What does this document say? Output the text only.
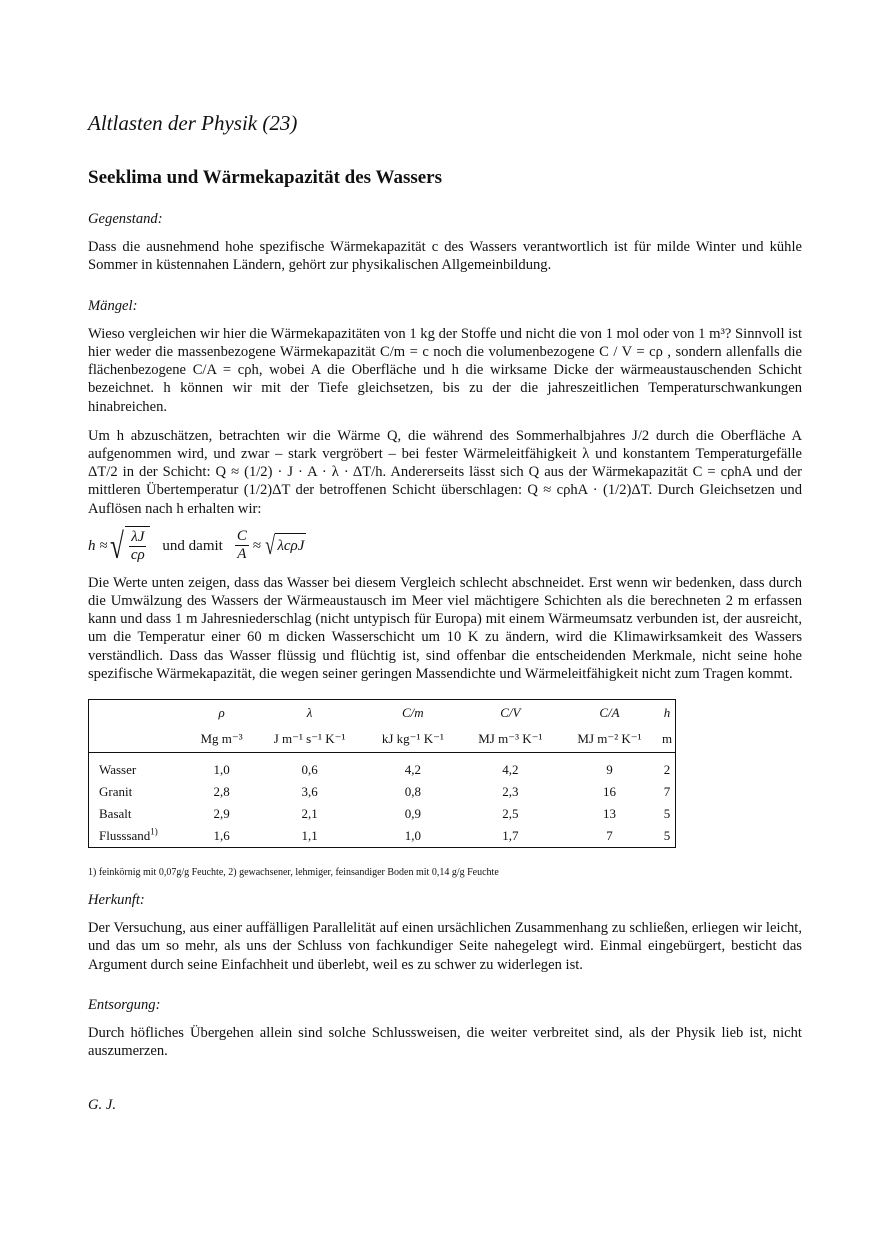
Altlasten der Physik (23)
Seeklima und Wärmekapazität des Wassers
Gegenstand:

Dass die ausnehmend hohe spezifische Wärmekapazität c des Wassers verantwortlich ist für milde Winter und kühle Sommer in küstennahen Ländern, gehört zur physikalischen Allgemeinbildung.

Mängel:

Wieso vergleichen wir hier die Wärmekapazitäten von 1 kg der Stoffe und nicht die von 1 mol oder von 1 m³? Sinnvoll ist hier weder die massenbezogene Wärmekapazität C/m = c noch die volumenbezogene C / V = cρ , sondern allenfalls die flächenbezogene C/A = cρh, wobei A die Oberfläche und h die wirksame Dicke der wärmeaustauschenden Schicht bezeichnet. h können wir mit der Tiefe gleichsetzen, bis zu der die jahreszeitlichen Temperaturschwankungen hinabreichen.

Um h abzuschätzen, betrachten wir die Wärme Q, die während des Sommerhalbjahres J/2 durch die Oberfläche A aufgenommen wird, und zwar – stark vergröbert – bei fester Wärmeleitfähigkeit λ und konstantem Temperaturgefälle ΔT/2 in der Schicht: Q ≈ (1/2) · J · A · λ · ΔT/h. Andererseits lässt sich Q aus der Wärmekapazität C = cρhA und der mittleren Übertemperatur (1/2)ΔT der betroffenen Schicht überschlagen: Q ≈ cρhA · (1/2)ΔT. Durch Gleichsetzen und Auflösen nach h erhalten wir:

h ≈ √ $\frac{\lambda J}{c\rho}$ und damit $\frac{C}{A}$ ≈ √ λcρJ

Die Werte unten zeigen, dass das Wasser bei diesem Vergleich schlecht abschneidet. Erst wenn wir bedenken, dass durch die Umwälzung des Wassers der Wärmeaustausch im Meer viel mächtigere Schichten als die berechneten 2 m erfassen kann und dass 1 m Jahresniederschlag (nicht untypisch für Europa) mit einem Wärmeumsatz verbunden ist, der ausreicht, um die Temperatur einer 60 m dicken Wasserschicht um 10 K zu ändern, wird die Klimawirksamkeit des Wassers verständlich. Dass das Wasser flüssig und flüchtig ist, sind offenbar die entscheidenden Merkmale, nicht seine hohe spezifische Wärmekapazität, die wegen seiner geringen Massendichte und Wärmeleitfähigkeit nicht zum Tragen kommt.

	ρ	λ	C/m	C/V	C/A	h
	Mg m⁻³	J m⁻¹ s⁻¹ K⁻¹	kJ kg⁻¹ K⁻¹	MJ m⁻³ K⁻¹	MJ m⁻² K⁻¹	m
Wasser	1,0	0,6	4,2	4,2	9	2
Granit	2,8	3,6	0,8	2,3	16	7
Basalt	2,9	2,1	0,9	2,5	13	5
Flusssand$^{1)}$	1,6	1,1	1,0	1,7	7	5
1) feinkörnig mit 0,07g/g Feuchte, 2) gewachsener, lehmiger, feinsandiger Boden mit 0,14 g/g Feuchte
Herkunft:

Der Versuchung, aus einer auffälligen Parallelität auf einen ursächlichen Zusammenhang zu schließen, erliegen wir leicht, und das um so mehr, als uns der Schluss von fachkundiger Seite nahegelegt wird. Einmal eingebürgert, besticht das Argument durch seine Einfachheit und überlebt, weil es zu schwer zu widerlegen ist.

Entsorgung:

Durch höfliches Übergehen allein sind solche Schlussweisen, die weiter verbreitet sind, als der Physik lieb ist, nicht auszumerzen.

G. J.
